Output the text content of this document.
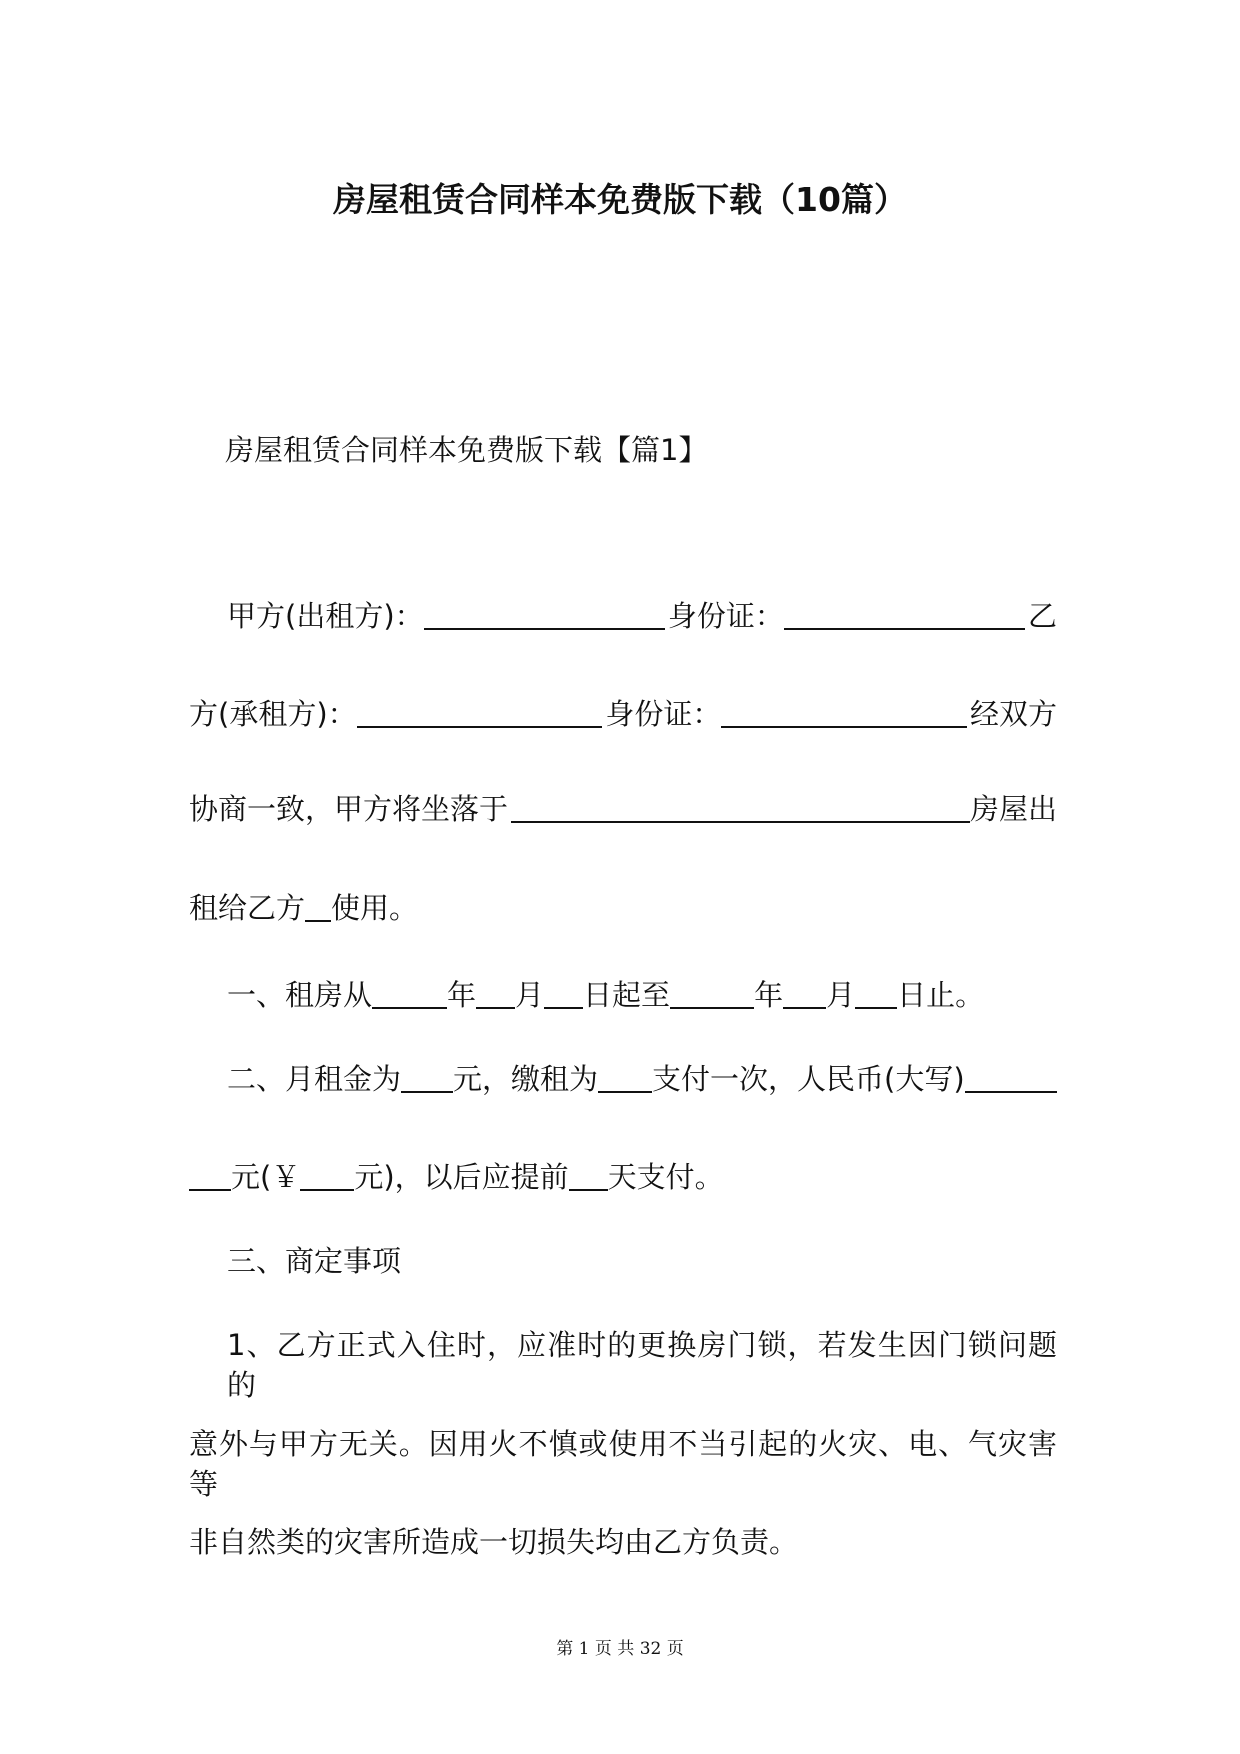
房屋租赁合同样本免费版下载（10篇）
房屋租赁合同样本免费版下载【篇1】
甲方(出租方)：	身份证：	乙
方(承租方)：	身份证：	经双方
协商一致，甲方将坐落于	房屋出
租给乙方 使用。
一、租房从	年 月 日起至	年 月 日止。
二、月租金为 元，缴租为 支付一次，人民币(大写)
元(￥ 元)，以后应提前 天支付。
三、商定事项
1、乙方正式入住时，应准时的更换房门锁，若发生因门锁问题的
意外与甲方无关。因用火不慎或使用不当引起的火灾、电、气灾害等
非自然类的灾害所造成一切损失均由乙方负责。
第 1 页 共 32 页
